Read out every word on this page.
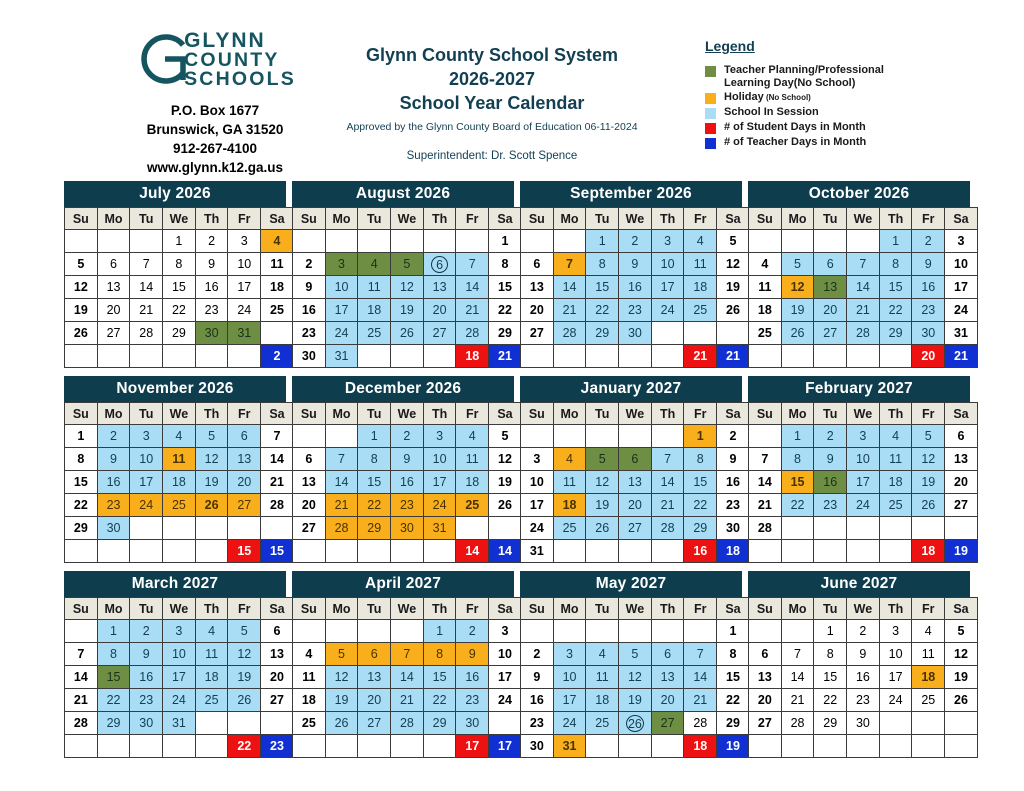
GLYNN
COUNTY
SCHOOLS
P.O. Box 1677
Brunswick, GA 31520
912-267-4100
www.glynn.k12.ga.us
Glynn County School System
2026-2027
School Year Calendar
Approved by the Glynn County Board of Education 06-11-2024
Superintendent: Dr. Scott Spence
Legend
Teacher Planning/Professional
Learning Day(No School)
Holiday (No School)
School In Session
# of Student Days in Month
# of Teacher Days in Month
July 2026
Su	Mo	Tu	We	Th	Fr	Sa
			1	2	3	4
5	6	7	8	9	10	11
12	13	14	15	16	17	18
19	20	21	22	23	24	25
26	27	28	29	30	31	
						2
August 2026
Su	Mo	Tu	We	Th	Fr	Sa
						1
2	3	4	5	6	7	8
9	10	11	12	13	14	15
16	17	18	19	20	21	22
23	24	25	26	27	28	29
30	31				18	21
September 2026
Su	Mo	Tu	We	Th	Fr	Sa
		1	2	3	4	5
6	7	8	9	10	11	12
13	14	15	16	17	18	19
20	21	22	23	24	25	26
27	28	29	30			
					21	21
October 2026
Su	Mo	Tu	We	Th	Fr	Sa
				1	2	3
4	5	6	7	8	9	10
11	12	13	14	15	16	17
18	19	20	21	22	23	24
25	26	27	28	29	30	31
					20	21
November 2026
Su	Mo	Tu	We	Th	Fr	Sa
1	2	3	4	5	6	7
8	9	10	11	12	13	14
15	16	17	18	19	20	21
22	23	24	25	26	27	28
29	30					
					15	15
December 2026
Su	Mo	Tu	We	Th	Fr	Sa
		1	2	3	4	5
6	7	8	9	10	11	12
13	14	15	16	17	18	19
20	21	22	23	24	25	26
27	28	29	30	31		
					14	14
January 2027
Su	Mo	Tu	We	Th	Fr	Sa
					1	2
3	4	5	6	7	8	9
10	11	12	13	14	15	16
17	18	19	20	21	22	23
24	25	26	27	28	29	30
31					16	18
February 2027
Su	Mo	Tu	We	Th	Fr	Sa
	1	2	3	4	5	6
7	8	9	10	11	12	13
14	15	16	17	18	19	20
21	22	23	24	25	26	27
28						
					18	19
March 2027
Su	Mo	Tu	We	Th	Fr	Sa
	1	2	3	4	5	6
7	8	9	10	11	12	13
14	15	16	17	18	19	20
21	22	23	24	25	26	27
28	29	30	31			
					22	23
April 2027
Su	Mo	Tu	We	Th	Fr	Sa
				1	2	3
4	5	6	7	8	9	10
11	12	13	14	15	16	17
18	19	20	21	22	23	24
25	26	27	28	29	30	
					17	17
May 2027
Su	Mo	Tu	We	Th	Fr	Sa
						1
2	3	4	5	6	7	8
9	10	11	12	13	14	15
16	17	18	19	20	21	22
23	24	25	26	27	28	29
30	31				18	19
June 2027
Su	Mo	Tu	We	Th	Fr	Sa
		1	2	3	4	5
6	7	8	9	10	11	12
13	14	15	16	17	18	19
20	21	22	23	24	25	26
27	28	29	30			
